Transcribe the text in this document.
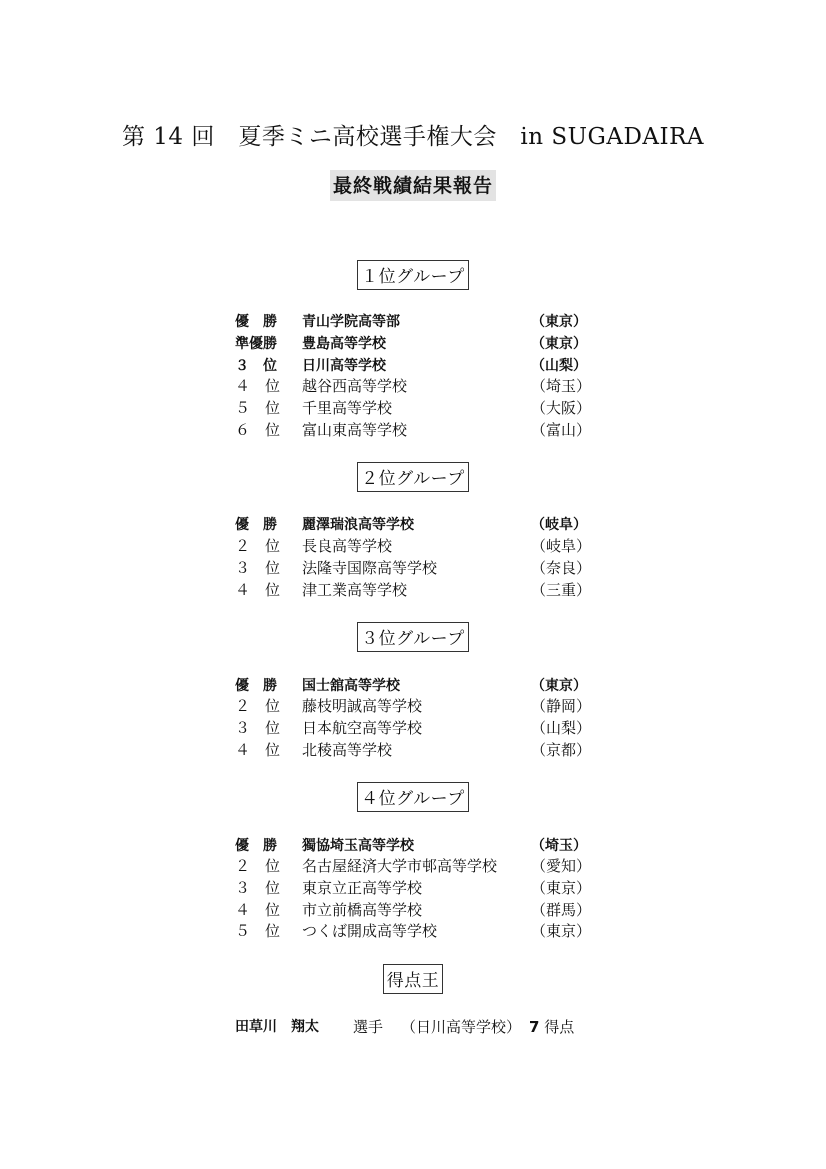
第 14 回　夏季ミニ高校選手権大会　in SUGADAIRA
最終戦績結果報告
１位グループ
優　勝	青山学院高等部	（東京）
準優勝	豊島高等学校	（東京）
３　位	日川高等学校	（山梨）
４　位	越谷西高等学校	（埼玉）
５　位	千里高等学校	（大阪）
６　位	富山東高等学校	（富山）
２位グループ
優　勝	麗澤瑞浪高等学校	（岐阜）
２　位	長良高等学校	（岐阜）
３　位	法隆寺国際高等学校	（奈良）
４　位	津工業高等学校	（三重）
３位グループ
優　勝	国士舘高等学校	（東京）
２　位	藤枝明誠高等学校	（静岡）
３　位	日本航空高等学校	（山梨）
４　位	北稜高等学校	（京都）
４位グループ
優　勝	獨協埼玉高等学校	（埼玉）
２　位	名古屋経済大学市邨高等学校 （愛知）
３　位	東京立正高等学校	（東京）
４　位	市立前橋高等学校	（群馬）
５　位	つくば開成高等学校	（東京）
得点王
田草川　翔太 選手 （日川高等学校） 7 得点
